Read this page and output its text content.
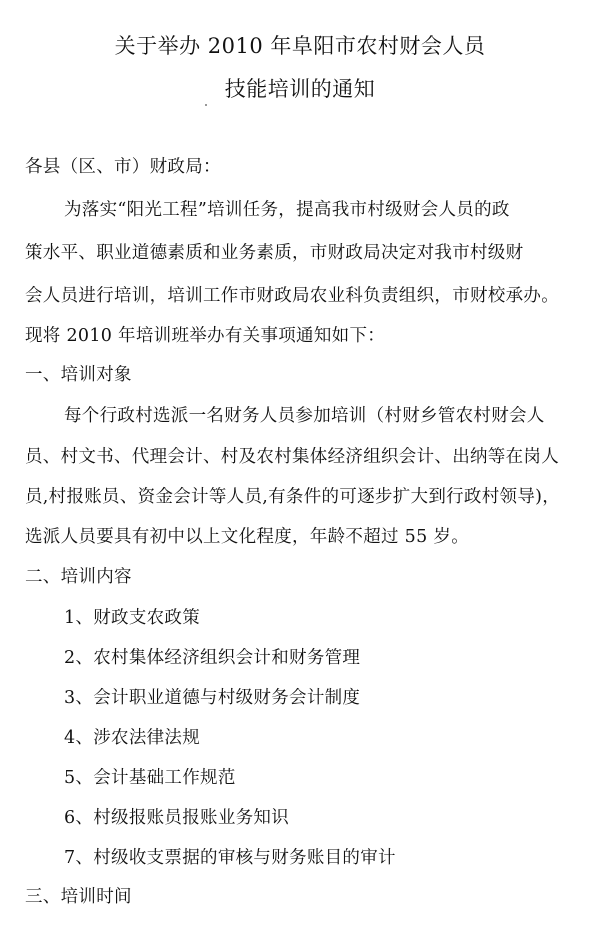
关于举办 2010 年阜阳市农村财会人员
技能培训的通知
各县（区、市）财政局：
为落实“阳光工程”培训任务，提高我市村级财会人员的政
策水平、职业道德素质和业务素质，市财政局决定对我市村级财
会人员进行培训，培训工作市财政局农业科负责组织，市财校承办。
现将 2010 年培训班举办有关事项通知如下：
一、培训对象
每个行政村选派一名财务人员参加培训（村财乡管农村财会人
员、村文书、代理会计、村及农村集体经济组织会计、出纳等在岗人
员,村报账员、资金会计等人员,有条件的可逐步扩大到行政村领导)，
选派人员要具有初中以上文化程度，年龄不超过 55 岁。
二、培训内容
1、财政支农政策
2、农村集体经济组织会计和财务管理
3、会计职业道德与村级财务会计制度
4、涉农法律法规
5、会计基础工作规范
6、村级报账员报账业务知识
7、村级收支票据的审核与财务账目的审计
三、培训时间
